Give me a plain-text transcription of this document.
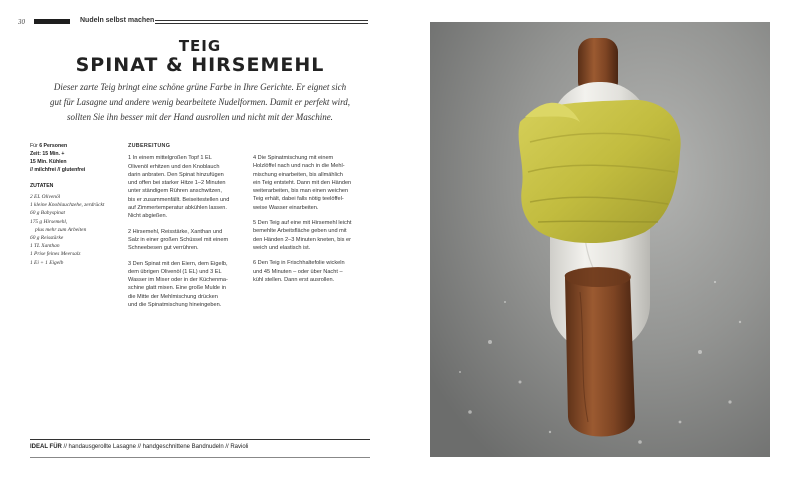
30	Nudeln selbst machen
TEIG
SPINAT & HIRSEMEHL
Dieser zarte Teig bringt eine schöne grüne Farbe in Ihre Gerichte. Er eignet sich
gut für Lasagne und andere wenig bearbeitete Nudelformen. Damit er perfekt wird,
sollten Sie ihn besser mit der Hand ausrollen und nicht mit der Maschine.
Für 6 Personen
Zeit: 15 Min. +
15 Min. Kühlen
// milchfrei // glutenfrei
ZUTATEN
2 EL Olivenöl
1 kleine Knoblauchzehe, zerdrückt
60 g Babyspinat
175 g Hirsemehl,
plus mehr zum Arbeiten
60 g Reisstärke
1 TL Xanthan
1 Prise feines Meersalz
1 Ei + 1 Eigelb
ZUBEREITUNG
1 In einem mittelgroßen Topf 1 EL
Olivenöl erhitzen und den Knoblauch
darin anbraten. Den Spinat hinzufügen
und offen bei starker Hitze 1–2 Minuten
unter ständigem Rühren anschwitzen,
bis er zusammenfällt. Beiseitestellen und
auf Zimmertemperatur abkühlen lassen.
Nicht abgießen.
2 Hirsemehl, Reisstärke, Xanthan und
Salz in einer großen Schüssel mit einem
Schneebesen gut verrühren.
3 Den Spinat mit den Eiern, dem Eigelb,
dem übrigen Olivenöl (1 EL) und 3 EL
Wasser im Mixer oder in der Küchenma-
schine glatt mixen. Eine große Mulde in
die Mitte der Mehlmischung drücken
und die Spinatmischung hineingeben.
4 Die Spinatmischung mit einem
Holzlöffel nach und nach in die Mehl-
mischung einarbeiten, bis allmählich
ein Teig entsteht. Dann mit den Händen
weiterarbeiten, bis man einen weichen
Teig erhält, dabei falls nötig teelöffel-
weise Wasser einarbeiten.
5 Den Teig auf eine mit Hirsemehl leicht
bemehlte Arbeitsfläche geben und mit
den Händen 2–3 Minuten kneten, bis er
weich und elastisch ist.
6 Den Teig in Frischhaltefolie wickeln
und 45 Minuten – oder über Nacht –
kühl stellen. Dann erst ausrollen.
IDEAL FÜR // handausgerollte Lasagne // handgeschnittene Bandnudeln // Ravioli
